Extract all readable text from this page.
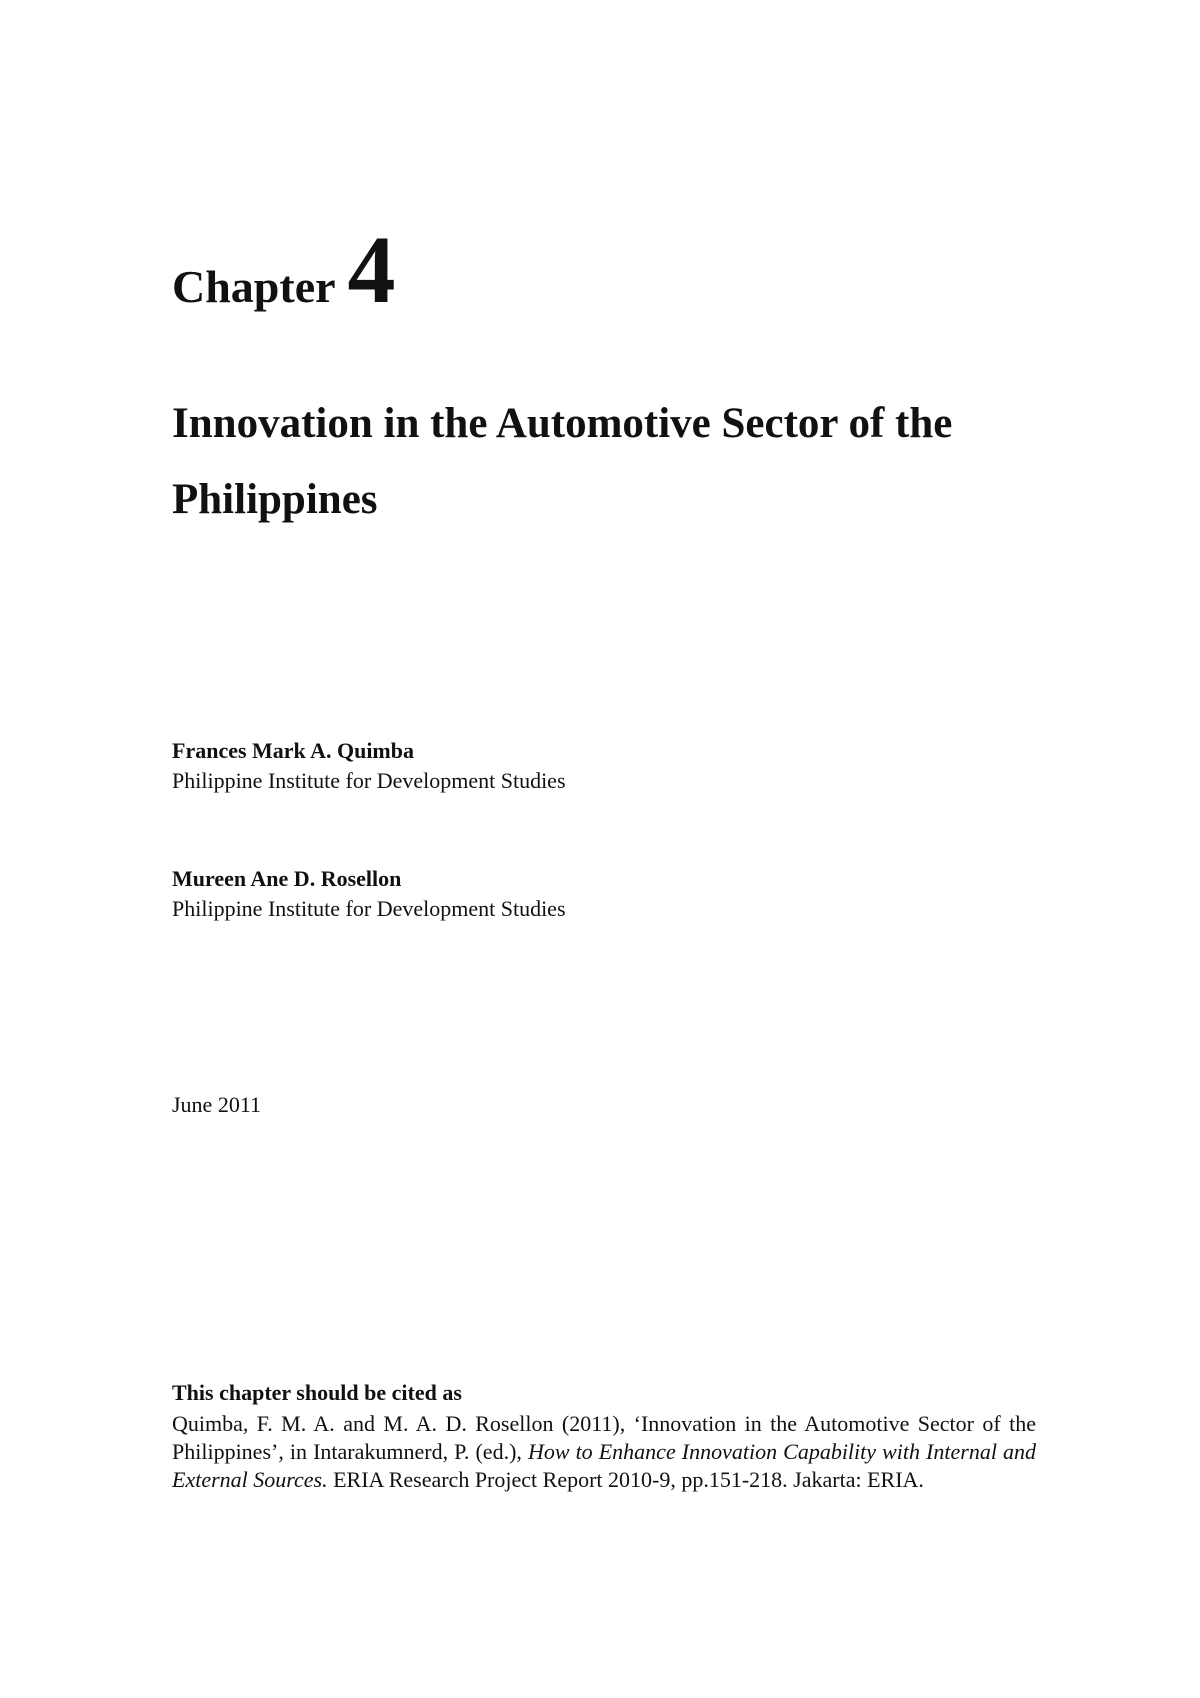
Chapter 4
Innovation in the Automotive Sector of the
Philippines
Frances Mark A. Quimba
Philippine Institute for Development Studies
Mureen Ane D. Rosellon
Philippine Institute for Development Studies
June 2011
This chapter should be cited as
Quimba, F. M. A. and M. A. D. Rosellon (2011), ‘Innovation in the Automotive Sector of the Philippines’, in Intarakumnerd, P. (ed.), How to Enhance Innovation Capability with Internal and External Sources. ERIA Research Project Report 2010-9, pp.151-218. Jakarta: ERIA.
